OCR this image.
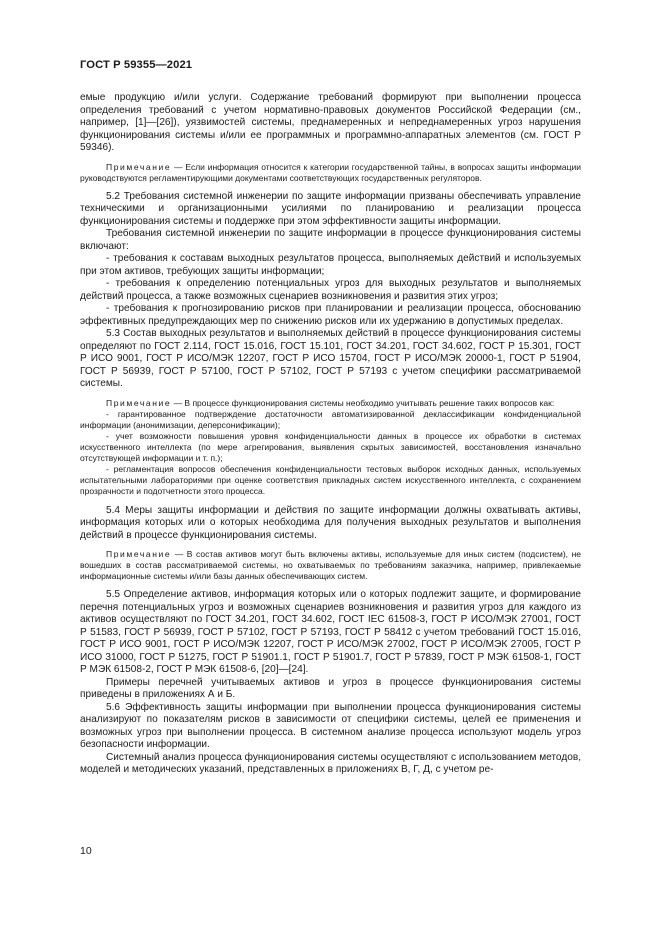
ГОСТ Р 59355—2021

емые продукцию и/или услуги. Содержание требований формируют при выполнении процесса определения требований с учетом нормативно-правовых документов Российской Федерации (см., например, [1]—[26]), уязвимостей системы, преднамеренных и непреднамеренных угроз нарушения функционирования системы и/или ее программных и программно-аппаратных элементов (см. ГОСТ Р 59346).

Примечание — Если информация относится к категории государственной тайны, в вопросах защиты информации руководствуются регламентирующими документами соответствующих государственных регуляторов.

5.2 Требования системной инженерии по защите информации призваны обеспечивать управление техническими и организационными усилиями по планированию и реализации процесса функционирования системы и поддержке при этом эффективности защиты информации.

Требования системной инженерии по защите информации в процессе функционирования системы включают:

- требования к составам выходных результатов процесса, выполняемых действий и используемых при этом активов, требующих защиты информации;

- требования к определению потенциальных угроз для выходных результатов и выполняемых действий процесса, а также возможных сценариев возникновения и развития этих угроз;

- требования к прогнозированию рисков при планировании и реализации процесса, обоснованию эффективных предупреждающих мер по снижению рисков или их удержанию в допустимых пределах.

5.3 Состав выходных результатов и выполняемых действий в процессе функционирования системы определяют по ГОСТ 2.114, ГОСТ 15.016, ГОСТ 15.101, ГОСТ 34.201, ГОСТ 34.602, ГОСТ Р 15.301, ГОСТ Р ИСО 9001, ГОСТ Р ИСО/МЭК 12207, ГОСТ Р ИСО 15704, ГОСТ Р ИСО/МЭК 20000-1, ГОСТ Р 51904, ГОСТ Р 56939, ГОСТ Р 57100, ГОСТ Р 57102, ГОСТ Р 57193 с учетом специфики рассматриваемой системы.

Примечание — В процессе функционирования системы необходимо учитывать решение таких вопросов как:

- гарантированное подтверждение достаточности автоматизированной деклассификации конфиденциальной информации (анонимизации, деперсонификации);

- учет возможности повышения уровня конфиденциальности данных в процессе их обработки в системах искусственного интеллекта (по мере агрегирования, выявления скрытых зависимостей, восстановления изначально отсутствующей информации и т. п.);

- регламентация вопросов обеспечения конфиденциальности тестовых выборок исходных данных, используемых испытательными лабораториями при оценке соответствия прикладных систем искусственного интеллекта, с сохранением прозрачности и подотчетности этого процесса.

5.4 Меры защиты информации и действия по защите информации должны охватывать активы, информация которых или о которых необходима для получения выходных результатов и выполнения действий в процессе функционирования системы.

Примечание — В состав активов могут быть включены активы, используемые для иных систем (подсистем), не вошедших в состав рассматриваемой системы, но охватываемых по требованиям заказчика, например, привлекаемые информационные системы и/или базы данных обеспечивающих систем.

5.5 Определение активов, информация которых или о которых подлежит защите, и формирование перечня потенциальных угроз и возможных сценариев возникновения и развития угроз для каждого из активов осуществляют по ГОСТ 34.201, ГОСТ 34.602, ГОСТ IEC 61508-3, ГОСТ Р ИСО/МЭК 27001, ГОСТ Р 51583, ГОСТ Р 56939, ГОСТ Р 57102, ГОСТ Р 57193, ГОСТ Р 58412 с учетом требований ГОСТ 15.016, ГОСТ Р ИСО 9001, ГОСТ Р ИСО/МЭК 12207, ГОСТ Р ИСО/МЭК 27002, ГОСТ Р ИСО/МЭК 27005, ГОСТ Р ИСО 31000, ГОСТ Р 51275, ГОСТ Р 51901.1, ГОСТ Р 51901.7, ГОСТ Р 57839, ГОСТ Р МЭК 61508-1, ГОСТ Р МЭК 61508-2, ГОСТ Р МЭК 61508-6, [20]—[24].

Примеры перечней учитываемых активов и угроз в процессе функционирования системы приведены в приложениях А и Б.

5.6 Эффективность защиты информации при выполнении процесса функционирования системы анализируют по показателям рисков в зависимости от специфики системы, целей ее применения и возможных угроз при выполнении процесса. В системном анализе процесса используют модель угроз безопасности информации.

Системный анализ процесса функционирования системы осуществляют с использованием методов, моделей и методических указаний, представленных в приложениях В, Г, Д, с учетом ре-

10
